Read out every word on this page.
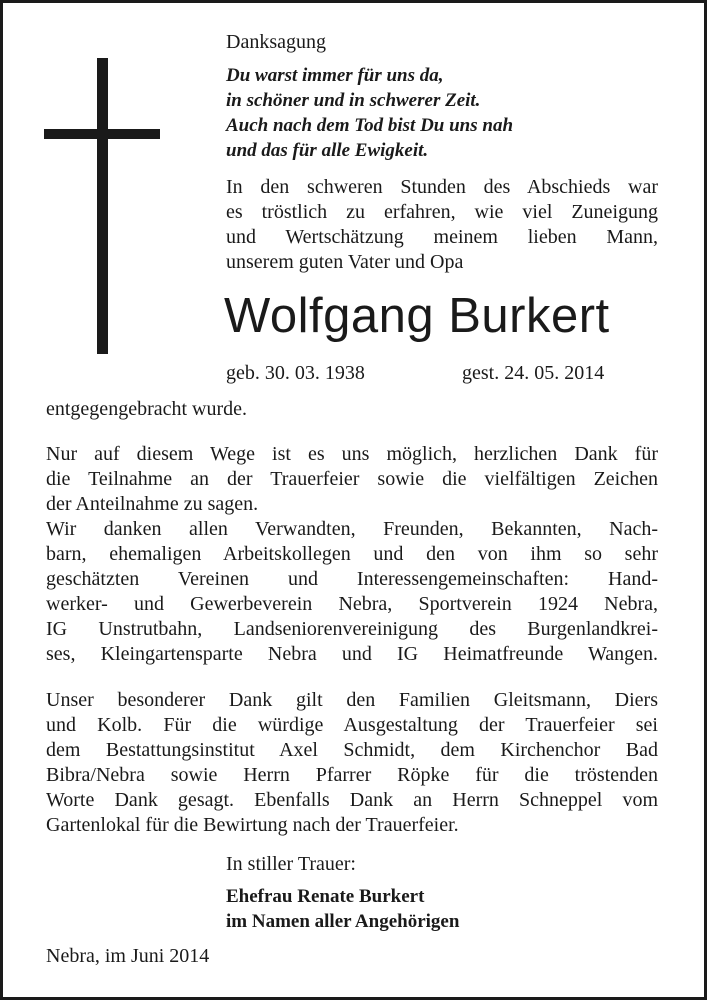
Danksagung
Du warst immer für uns da,
in schöner und in schwerer Zeit.
Auch nach dem Tod bist Du uns nah
und das für alle Ewigkeit.
In den schweren Stunden des Abschieds war
es tröstlich zu erfahren, wie viel Zuneigung
und Wertschätzung meinem lieben Mann,
unserem guten Vater und Opa
Wolfgang Burkert
geb. 30. 03. 1938	gest. 24. 05. 2014
entgegengebracht wurde.
Nur auf diesem Wege ist es uns möglich, herzlichen Dank für
die Teilnahme an der Trauerfeier sowie die vielfältigen Zeichen
der Anteilnahme zu sagen.
Wir danken allen Verwandten, Freunden, Bekannten, Nach-
barn, ehemaligen Arbeitskollegen und den von ihm so sehr
geschätzten Vereinen und Interessengemeinschaften: Hand-
werker- und Gewerbeverein Nebra, Sportverein 1924 Nebra,
IG Unstrutbahn, Landseniorenvereinigung des Burgenlandkrei-
ses, Kleingartensparte Nebra und IG Heimatfreunde Wangen.
Unser besonderer Dank gilt den Familien Gleitsmann, Diers
und Kolb. Für die würdige Ausgestaltung der Trauerfeier sei
dem Bestattungsinstitut Axel Schmidt, dem Kirchenchor Bad
Bibra/Nebra sowie Herrn Pfarrer Röpke für die tröstenden
Worte Dank gesagt. Ebenfalls Dank an Herrn Schneppel vom
Gartenlokal für die Bewirtung nach der Trauerfeier.
In stiller Trauer:
Ehefrau Renate Burkert
im Namen aller Angehörigen
Nebra, im Juni 2014
